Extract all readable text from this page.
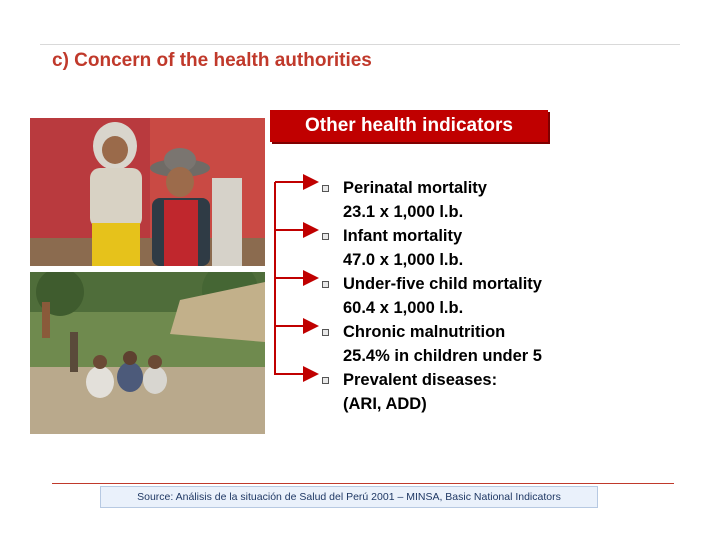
c) Concern of the health authorities
Other health indicators
Perinatal mortality
23.1 x 1,000 l.b.
Infant mortality
47.0 x 1,000 l.b.
Under-five child mortality
60.4 x 1,000 l.b.
Chronic malnutrition
25.4% in children under 5
Prevalent diseases:
(ARI, ADD)
Source: Análisis de la situación de Salud del Perú 2001 – MINSA, Basic National Indicators
